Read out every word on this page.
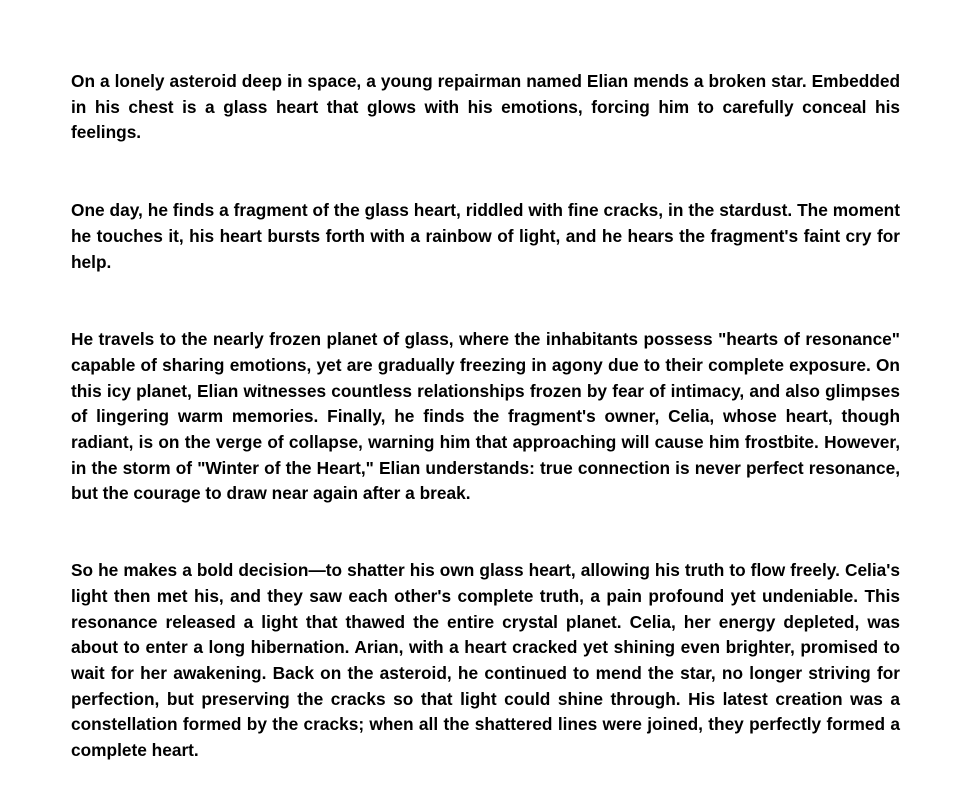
On a lonely asteroid deep in space, a young repairman named Elian mends a broken star. Embedded in his chest is a glass heart that glows with his emotions, forcing him to carefully conceal his feelings.

One day, he finds a fragment of the glass heart, riddled with fine cracks, in the stardust. The moment he touches it, his heart bursts forth with a rainbow of light, and he hears the fragment's faint cry for help.

He travels to the nearly frozen planet of glass, where the inhabitants possess "hearts of resonance" capable of sharing emotions, yet are gradually freezing in agony due to their complete exposure. On this icy planet, Elian witnesses countless relationships frozen by fear of intimacy, and also glimpses of lingering warm memories. Finally, he finds the fragment's owner, Celia, whose heart, though radiant, is on the verge of collapse, warning him that approaching will cause him frostbite. However, in the storm of "Winter of the Heart," Elian understands: true connection is never perfect resonance, but the courage to draw near again after a break.

So he makes a bold decision—to shatter his own glass heart, allowing his truth to flow freely. Celia's light then met his, and they saw each other's complete truth, a pain profound yet undeniable. This resonance released a light that thawed the entire crystal planet. Celia, her energy depleted, was about to enter a long hibernation. Arian, with a heart cracked yet shining even brighter, promised to wait for her awakening. Back on the asteroid, he continued to mend the star, no longer striving for perfection, but preserving the cracks so that light could shine through. His latest creation was a constellation formed by the cracks; when all the shattered lines were joined, they perfectly formed a complete heart.
